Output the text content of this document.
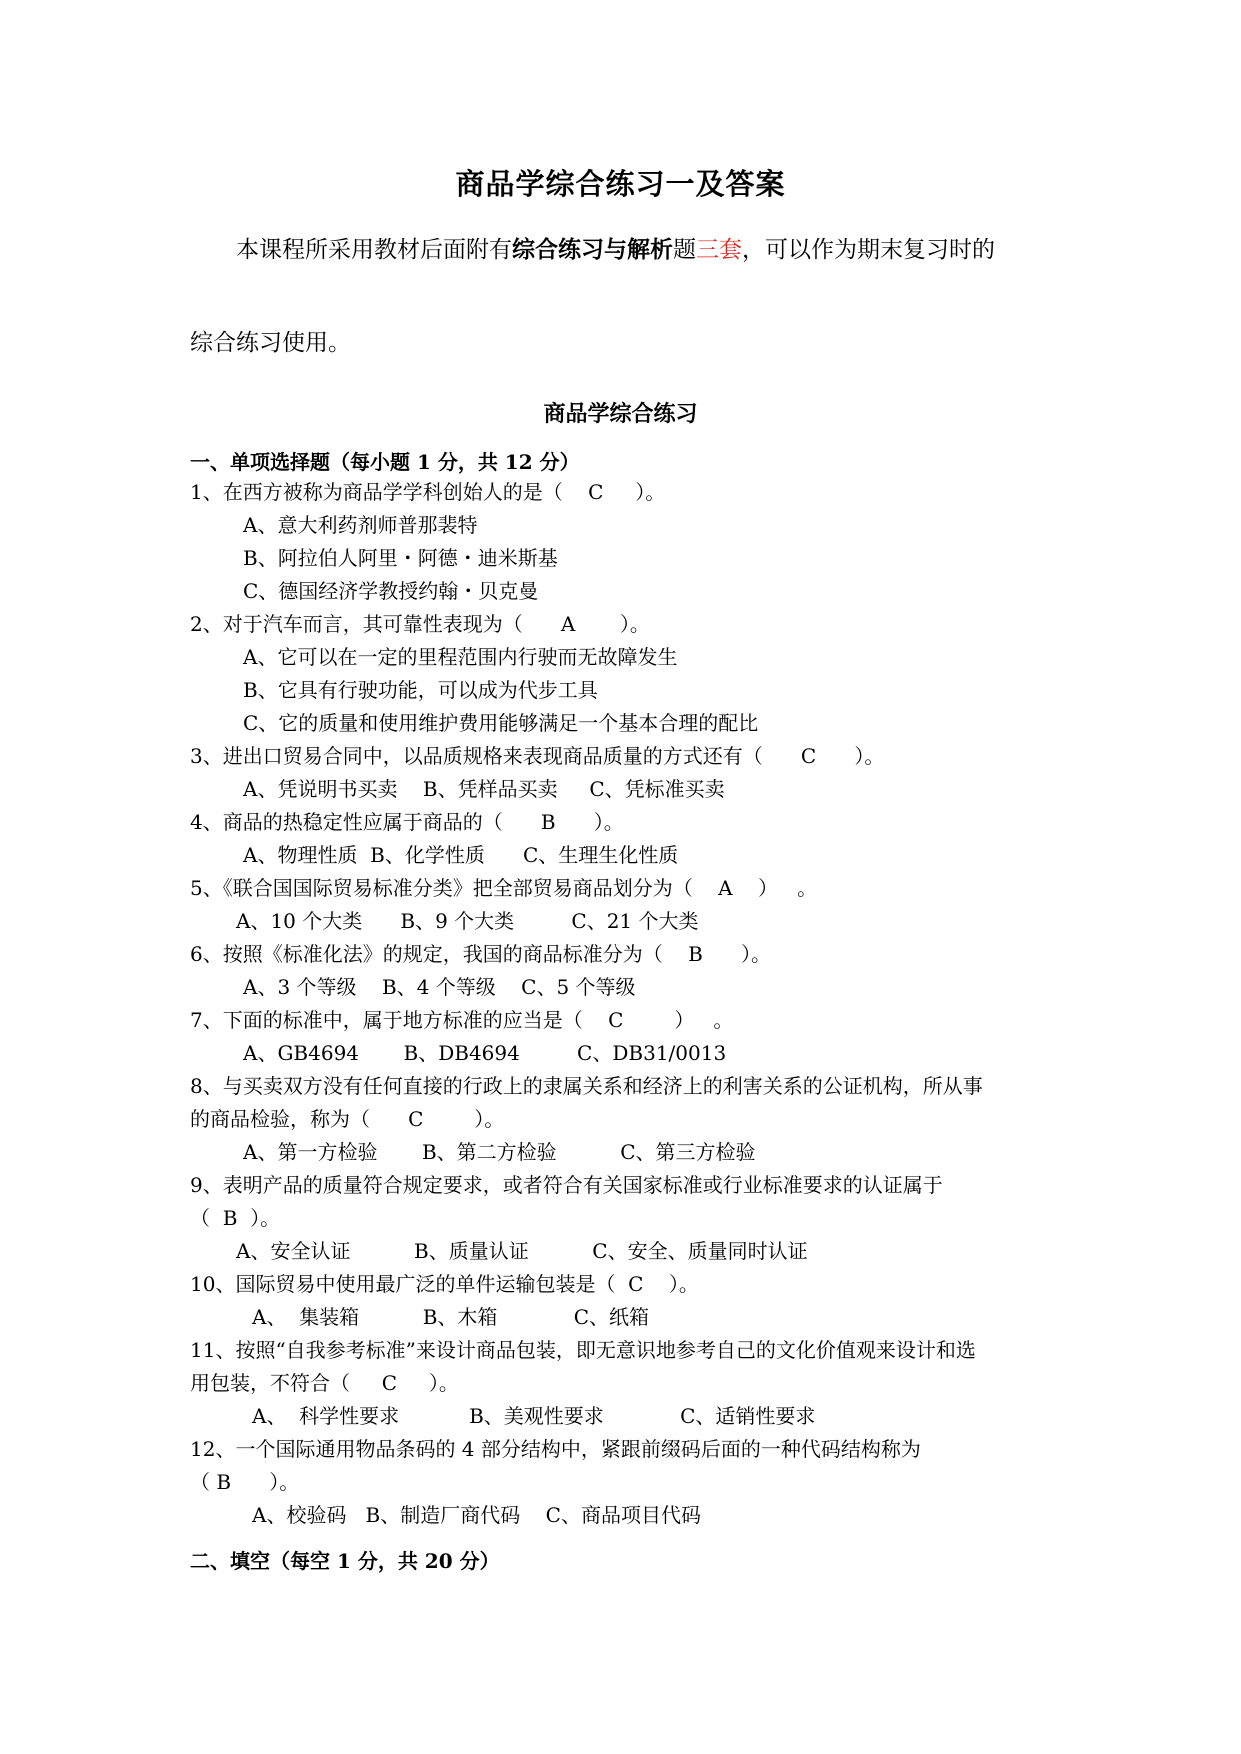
商品学综合练习一及答案
本课程所采用教材后面附有综合练习与解析题三套，可以作为期末复习时的
综合练习使用。
商品学综合练习
一、单项选择题（每小题 1 分，共 12 分）
1、在西方被称为商品学学科创始人的是（    C     ）。
A、意大利药剂师普那裴特
B、阿拉伯人阿里・阿德・迪米斯基
C、德国经济学教授约翰・贝克曼
2、对于汽车而言，其可靠性表现为（      A       ）。
A、它可以在一定的里程范围内行驶而无故障发生
B、它具有行驶功能，可以成为代步工具
C、它的质量和使用维护费用能够满足一个基本合理的配比
3、进出口贸易合同中，以品质规格来表现商品质量的方式还有（      C      ）。
A、凭说明书买卖    B、凭样品买卖     C、凭标准买卖
4、商品的热稳定性应属于商品的（      B      ）。
A、物理性质  B、化学性质      C、生理生化性质
5、《联合国国际贸易标准分类》把全部贸易商品划分为（    A    ）   。
A、10 个大类      B、9 个大类         C、21 个大类
6、按照《标准化法》的规定，我国的商品标准分为（    B      ）。
A、3 个等级    B、4 个等级    C、5 个等级
7、下面的标准中，属于地方标准的应当是（    C        ）   。
A、GB4694       B、DB4694         C、DB31/0013
8、与买卖双方没有任何直接的行政上的隶属关系和经济上的利害关系的公证机构，所从事
的商品检验，称为（      C        ）。
A、第一方检验       B、第二方检验          C、第三方检验
9、表明产品的质量符合规定要求，或者符合有关国家标准或行业标准要求的认证属于
（  B  ）。
A、安全认证          B、质量认证          C、安全、质量同时认证
10、国际贸易中使用最广泛的单件运输包装是（  C    ）。
A、  集装箱          B、木箱            C、纸箱
11、按照“自我参考标准”来设计商品包装，即无意识地参考自己的文化价值观来设计和选
用包装，不符合（     C     ）。
A、  科学性要求           B、美观性要求            C、适销性要求
12、一个国际通用物品条码的 4 部分结构中，紧跟前缀码后面的一种代码结构称为
（ B      ）。
A、校验码   B、制造厂商代码    C、商品项目代码
二、填空（每空 1 分，共 20 分）
